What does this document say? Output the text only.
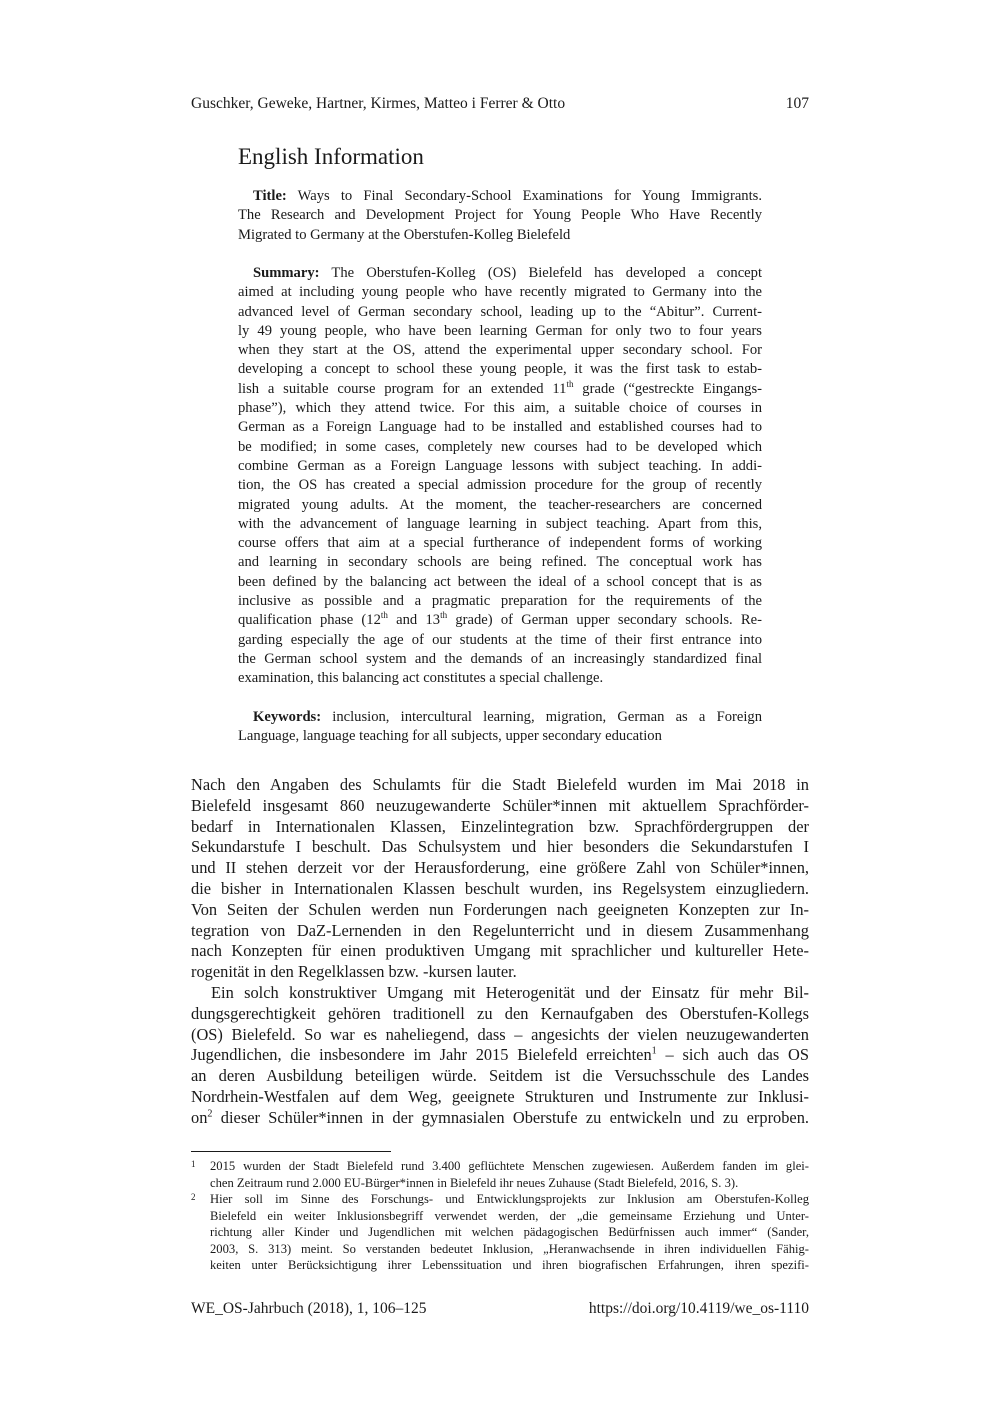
Guschker, Geweke, Hartner, Kirmes, Matteo i Ferrer & Otto	107
English Information
Title: Ways to Final Secondary-School Examinations for Young Immigrants.
The Research and Development Project for Young People Who Have Recently
Migrated to Germany at the Oberstufen-Kolleg Bielefeld
Summary: The Oberstufen-Kolleg (OS) Bielefeld has developed a concept
aimed at including young people who have recently migrated to Germany into the
advanced level of German secondary school, leading up to the “Abitur”. Current-
ly 49 young people, who have been learning German for only two to four years
when they start at the OS, attend the experimental upper secondary school. For
developing a concept to school these young people, it was the first task to estab-
lish a suitable course program for an extended 11th grade (“gestreckte Eingangs-
phase”), which they attend twice. For this aim, a suitable choice of courses in
German as a Foreign Language had to be installed and established courses had to
be modified; in some cases, completely new courses had to be developed which
combine German as a Foreign Language lessons with subject teaching. In addi-
tion, the OS has created a special admission procedure for the group of recently
migrated young adults. At the moment, the teacher-researchers are concerned
with the advancement of language learning in subject teaching. Apart from this,
course offers that aim at a special furtherance of independent forms of working
and learning in secondary schools are being refined. The conceptual work has
been defined by the balancing act between the ideal of a school concept that is as
inclusive as possible and a pragmatic preparation for the requirements of the
qualification phase (12th and 13th grade) of German upper secondary schools. Re-
garding especially the age of our students at the time of their first entrance into
the German school system and the demands of an increasingly standardized final
examination, this balancing act constitutes a special challenge.
Keywords: inclusion, intercultural learning, migration, German as a Foreign
Language, language teaching for all subjects, upper secondary education
Nach den Angaben des Schulamts für die Stadt Bielefeld wurden im Mai 2018 in
Bielefeld insgesamt 860 neuzugewanderte Schüler*innen mit aktuellem Sprachförder-
bedarf in Internationalen Klassen, Einzelintegration bzw. Sprachfördergruppen der
Sekundarstufe I beschult. Das Schulsystem und hier besonders die Sekundarstufen I
und II stehen derzeit vor der Herausforderung, eine größere Zahl von Schüler*innen,
die bisher in Internationalen Klassen beschult wurden, ins Regelsystem einzugliedern.
Von Seiten der Schulen werden nun Forderungen nach geeigneten Konzepten zur In-
tegration von DaZ-Lernenden in den Regelunterricht und in diesem Zusammenhang
nach Konzepten für einen produktiven Umgang mit sprachlicher und kultureller Hete-
rogenität in den Regelklassen bzw. -kursen lauter.
Ein solch konstruktiver Umgang mit Heterogenität und der Einsatz für mehr Bil-
dungsgerechtigkeit gehören traditionell zu den Kernaufgaben des Oberstufen-Kollegs
(OS) Bielefeld. So war es naheliegend, dass – angesichts der vielen neuzugewanderten
Jugendlichen, die insbesondere im Jahr 2015 Bielefeld erreichten$^1$ – sich auch das OS
an deren Ausbildung beteiligen würde. Seitdem ist die Versuchsschule des Landes
Nordrhein-Westfalen auf dem Weg, geeignete Strukturen und Instrumente zur Inklusi-
$on^2$ dieser Schüler*innen in der gymnasialen Oberstufe zu entwickeln und zu erproben.
1 2015 wurden der Stadt Bielefeld rund 3.400 geflüchtete Menschen zugewiesen. Außerdem fanden im glei-
chen Zeitraum rund 2.000 EU-Bürger*innen in Bielefeld ihr neues Zuhause (Stadt Bielefeld, 2016, S. 3).
2 Hier soll im Sinne des Forschungs- und Entwicklungsprojekts zur Inklusion am Oberstufen-Kolleg
Bielefeld ein weiter Inklusionsbegriff verwendet werden, der „die gemeinsame Erziehung und Unter-
richtung aller Kinder und Jugendlichen mit welchen pädagogischen Bedürfnissen auch immer“ (Sander,
2003, S. 313) meint. So verstanden bedeutet Inklusion, „Heranwachsende in ihren individuellen Fähig-
keiten unter Berücksichtigung ihrer Lebenssituation und ihren biografischen Erfahrungen, ihren spezifi-
WE_OS-Jahrbuch (2018), 1, 106–125	https://doi.org/10.4119/we_os-1110
